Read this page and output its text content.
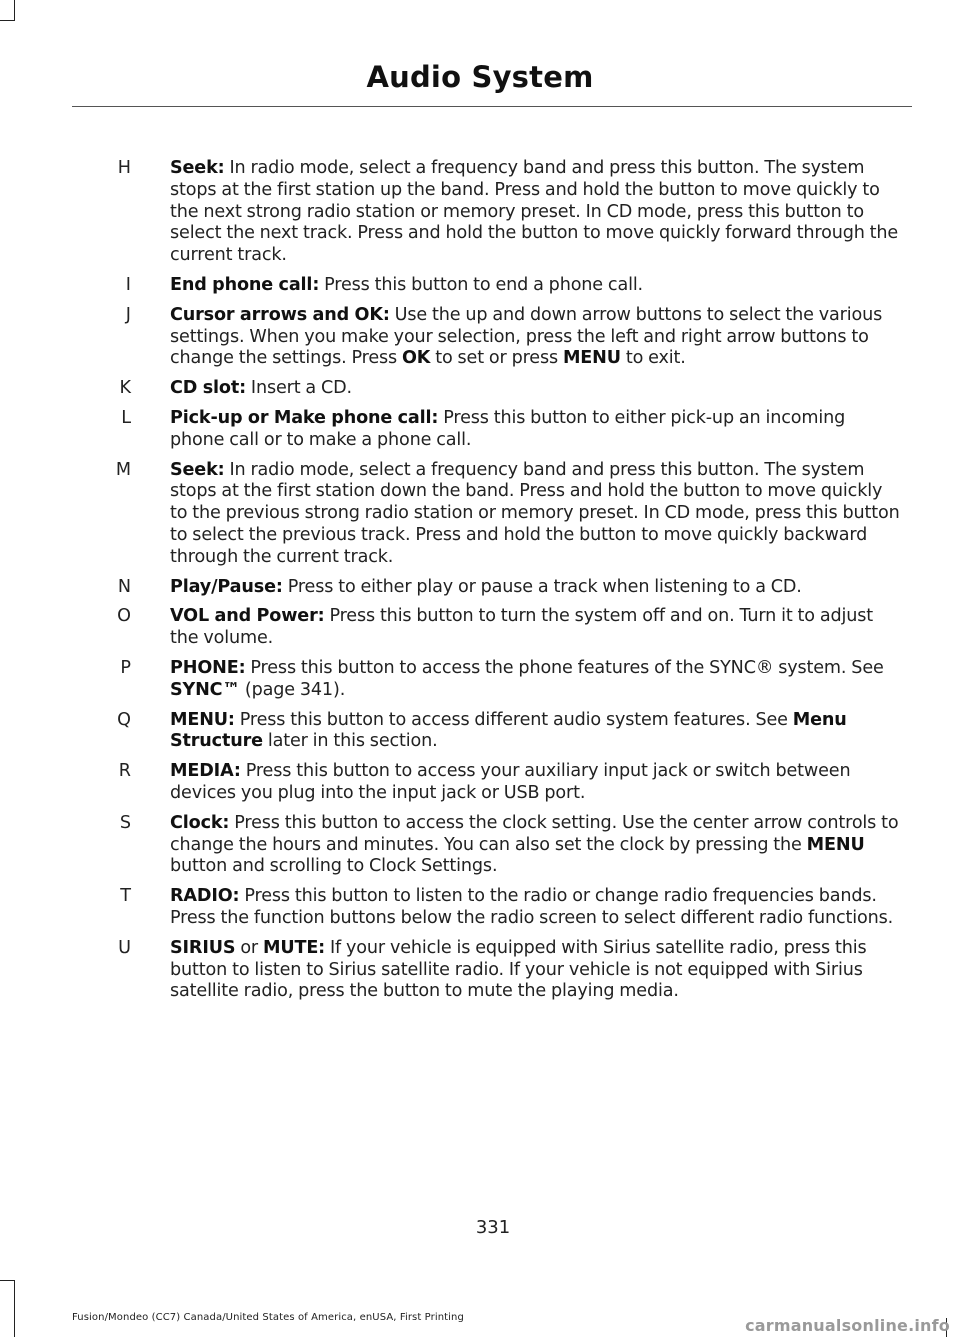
Audio System
H Seek: In radio mode, select a frequency band and press this button. The system stops at the first station up the band. Press and hold the button to move quickly to the next strong radio station or memory preset. In CD mode, press this button to select the next track. Press and hold the button to move quickly forward through the current track.
I End phone call: Press this button to end a phone call.
J Cursor arrows and OK: Use the up and down arrow buttons to select the various settings. When you make your selection, press the left and right arrow buttons to change the settings. Press OK to set or press MENU to exit.
K CD slot: Insert a CD.
L Pick-up or Make phone call: Press this button to either pick-up an incoming phone call or to make a phone call.
M Seek: In radio mode, select a frequency band and press this button. The system stops at the first station down the band. Press and hold the button to move quickly to the previous strong radio station or memory preset. In CD mode, press this button to select the previous track. Press and hold the button to move quickly backward through the current track.
N Play/Pause: Press to either play or pause a track when listening to a CD.
O VOL and Power: Press this button to turn the system off and on. Turn it to adjust the volume.
P PHONE: Press this button to access the phone features of the SYNC® system. See SYNC™ (page 341).
Q MENU: Press this button to access different audio system features. See Menu Structure later in this section.
R MEDIA: Press this button to access your auxiliary input jack or switch between devices you plug into the input jack or USB port.
S Clock: Press this button to access the clock setting. Use the center arrow controls to change the hours and minutes. You can also set the clock by pressing the MENU button and scrolling to Clock Settings.
T RADIO: Press this button to listen to the radio or change radio frequencies bands. Press the function buttons below the radio screen to select different radio functions.
U SIRIUS or MUTE: If your vehicle is equipped with Sirius satellite radio, press this button to listen to Sirius satellite radio. If your vehicle is not equipped with Sirius satellite radio, press the button to mute the playing media.
331
Fusion/Mondeo (CC7) Canada/United States of America, enUSA, First Printing	carmanualsonline.info
